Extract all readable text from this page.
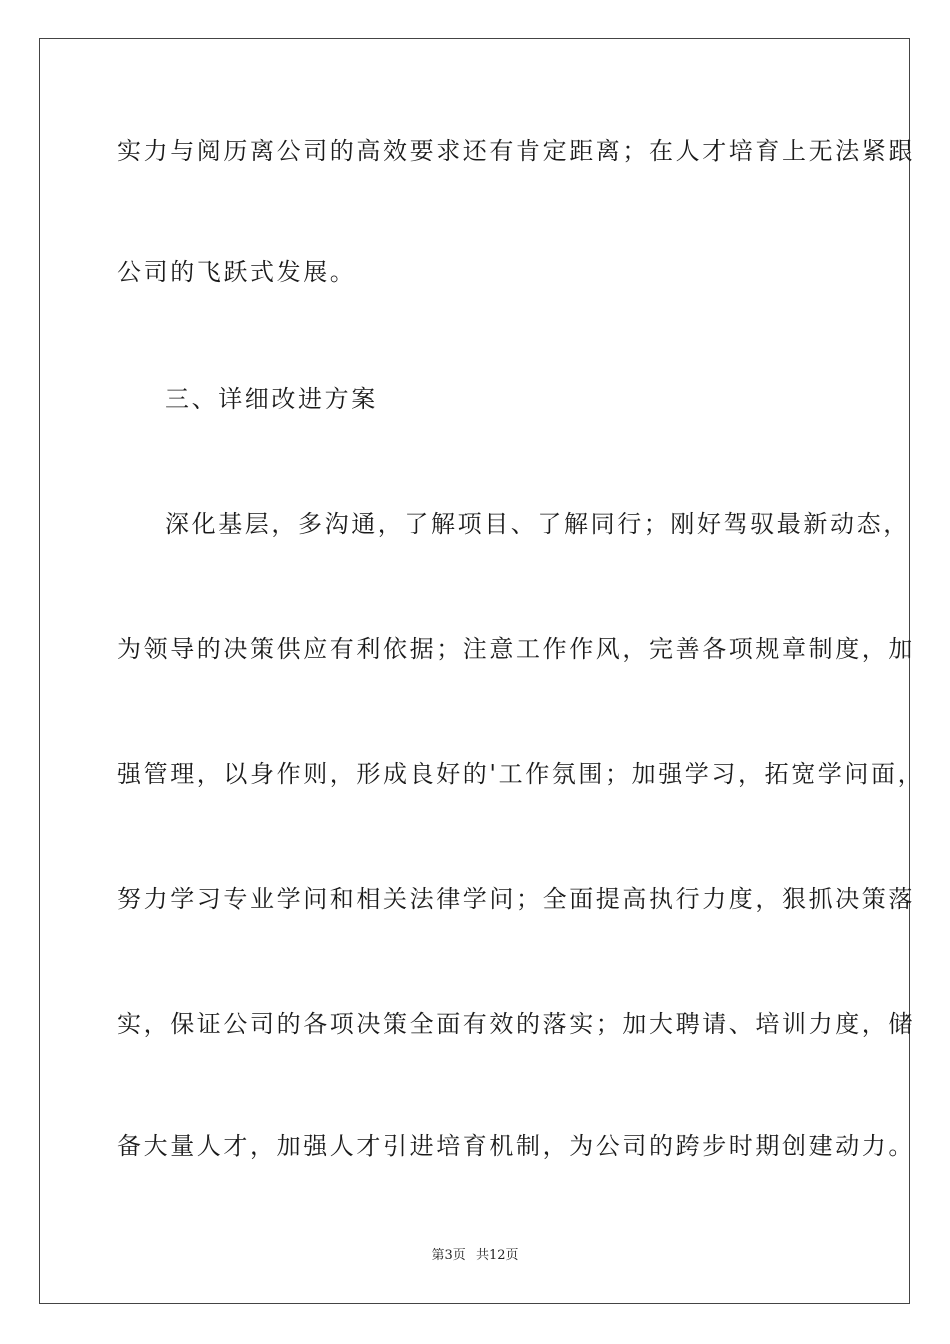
实力与阅历离公司的高效要求还有肯定距离；在人才培育上无法紧跟
公司的飞跃式发展。
三、详细改进方案
深化基层，多沟通，了解项目、了解同行；刚好驾驭最新动态，
为领导的决策供应有利依据；注意工作作风，完善各项规章制度，加
强管理，以身作则，形成良好的'工作氛围；加强学习，拓宽学问面，
努力学习专业学问和相关法律学问；全面提高执行力度，狠抓决策落
实，保证公司的各项决策全面有效的落实；加大聘请、培训力度，储
备大量人才，加强人才引进培育机制，为公司的跨步时期创建动力。
第3页 共12页
